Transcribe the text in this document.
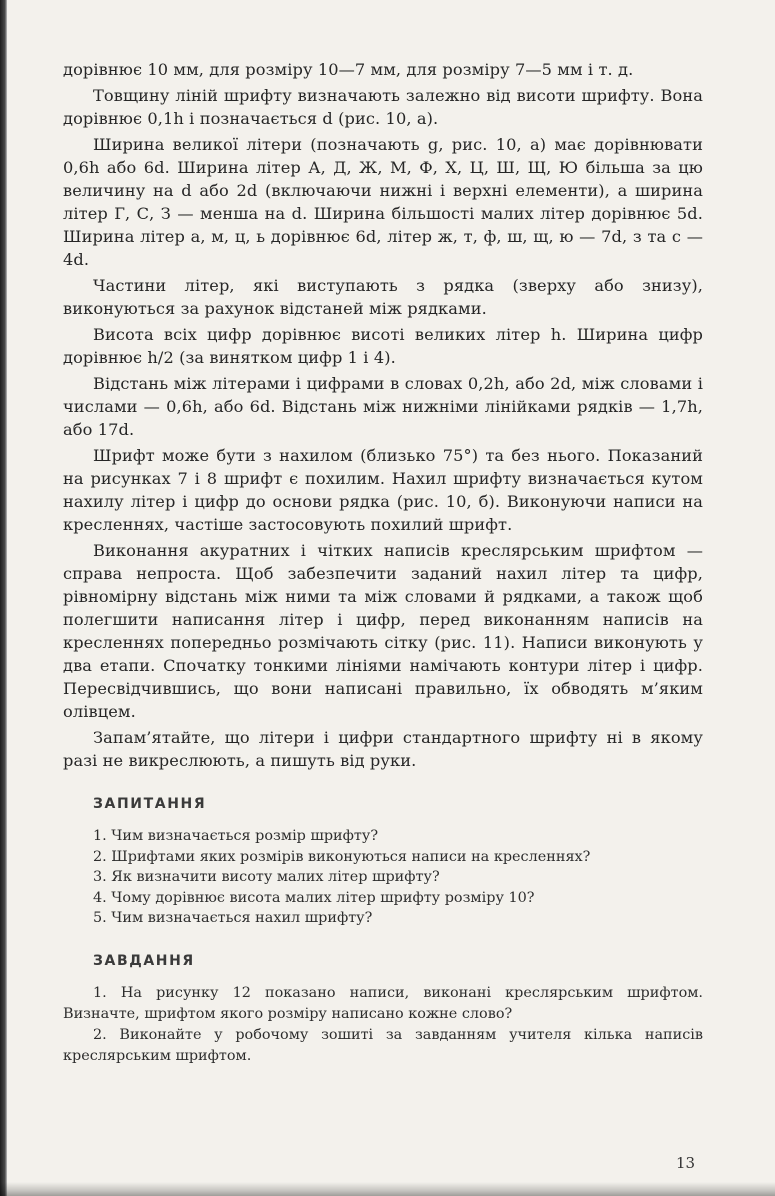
дорівнює 10 мм, для розміру 10—7 мм, для розміру 7—5 мм і т. д.

Товщину ліній шрифту визначають залежно від висоти шрифту. Вона дорівнює 0,1h і позначається d (рис. 10, а).

Ширина великої літери (позначають g, рис. 10, а) має дорівнювати 0,6h або 6d. Ширина літер А, Д, Ж, М, Ф, Х, Ц, Ш, Щ, Ю більша за цю величину на d або 2d (включаючи нижні і верхні елементи), а ширина літер Г, С, З — менша на d. Ширина більшості малих літер дорівнює 5d. Ширина літер а, м, ц, ь дорівнює 6d, літер ж, т, ф, ш, щ, ю — 7d, з та с — 4d.

Частини літер, які виступають з рядка (зверху або знизу), виконуються за рахунок відстаней між рядками.

Висота всіх цифр дорівнює висоті великих літер h. Ширина цифр дорівнює h/2 (за винятком цифр 1 і 4).

Відстань між літерами і цифрами в словах 0,2h, або 2d, між словами і числами — 0,6h, або 6d. Відстань між нижніми лінійками рядків — 1,7h, або 17d.

Шрифт може бути з нахилом (близько 75°) та без нього. Показаний на рисунках 7 і 8 шрифт є похилим. Нахил шрифту визначається кутом нахилу літер і цифр до основи рядка (рис. 10, б). Виконуючи написи на кресленнях, частіше застосовують похилий шрифт.

Виконання акуратних і чітких написів креслярським шрифтом — справа непроста. Щоб забезпечити заданий нахил літер та цифр, рівномірну відстань між ними та між словами й рядками, а також щоб полегшити написання літер і цифр, перед виконанням написів на кресленнях попередньо розмічають сітку (рис. 11). Написи виконують у два етапи. Спочатку тонкими лініями намічають контури літер і цифр. Пересвідчившись, що вони написані правильно, їх обводять м’яким олівцем.

Запам’ятайте, що літери і цифри стандартного шрифту ні в якому разі не викреслюють, а пишуть від руки.

ЗАПИТАННЯ
1. Чим визначається розмір шрифту?
2. Шрифтами яких розмірів виконуються написи на кресленнях?
3. Як визначити висоту малих літер шрифту?
4. Чому дорівнює висота малих літер шрифту розміру 10?
5. Чим визначається нахил шрифту?
ЗАВДАННЯ

1. На рисунку 12 показано написи, виконані креслярським шрифтом. Визначте, шрифтом якого розміру написано кожне слово?

2. Виконайте у робочому зошиті за завданням учителя кілька написів креслярським шрифтом.

13
